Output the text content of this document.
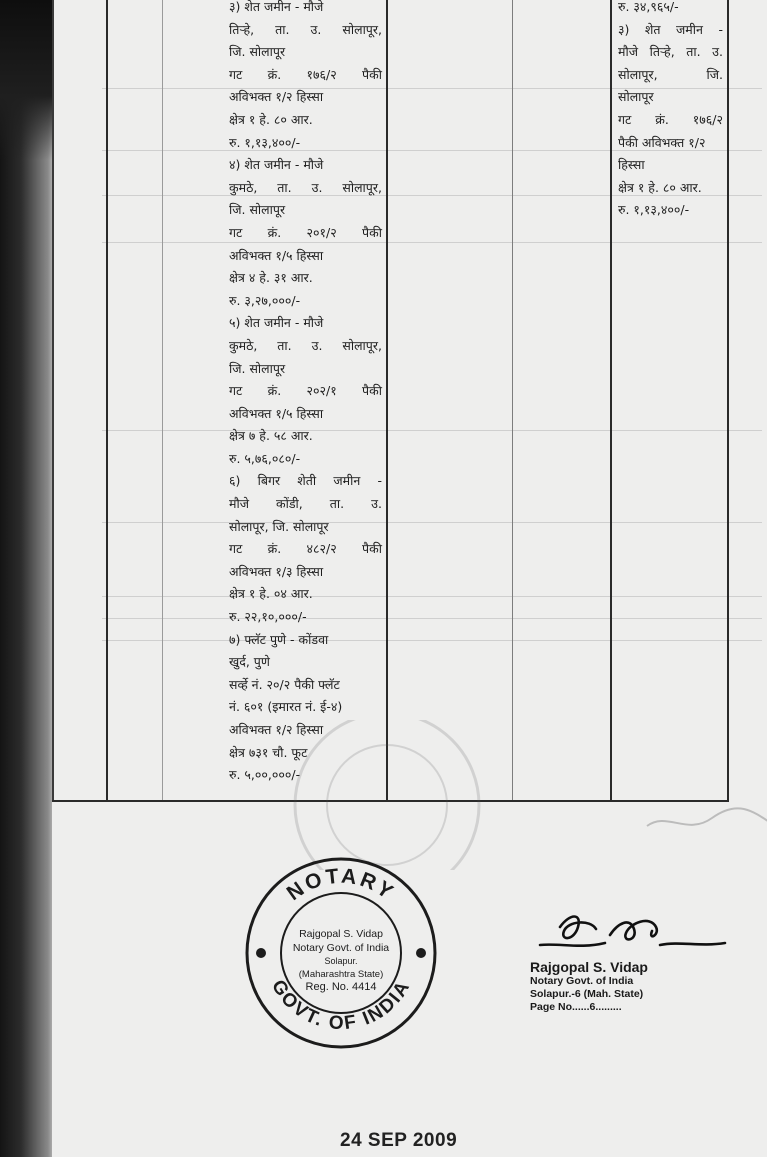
३) शेत जमीन - मौजे
तिऱ्हे, ता. उ. सोलापूर,
जि. सोलापूर
गट क्रं. १७६/२ पैकी
अविभक्त १/२ हिस्सा
क्षेत्र १ हे. ८० आर.
रु. १,१३,४००/-
४) शेत जमीन - मौजे
कुमठे, ता. उ. सोलापूर,
जि. सोलापूर
गट क्रं. २०१/२ पैकी
अविभक्त १/५ हिस्सा
क्षेत्र ४ हे. ३१ आर.
रु. ३,२७,०००/-
५) शेत जमीन - मौजे
कुमठे, ता. उ. सोलापूर,
जि. सोलापूर
गट क्रं. २०२/१ पैकी
अविभक्त १/५ हिस्सा
क्षेत्र ७ हे. ५८ आर.
रु. ५,७६,०८०/-
६) बिगर शेती जमीन -
मौजे कोंडी, ता. उ.
सोलापूर, जि. सोलापूर
गट क्रं. ४८२/२ पैकी
अविभक्त १/३ हिस्सा
क्षेत्र १ हे. ०४ आर.
रु. २२,१०,०००/-
७) फ्लॅट पुणे - कोंडवा
खुर्द, पुणे
सर्व्हे नं. २०/२ पैकी फ्लॅट
नं. ६०१ (इमारत नं. ई-४)
अविभक्त १/२ हिस्सा
क्षेत्र ७३१ चौ. फूट
रु. ५,००,०००/-
रु. ३४,९६५/-
३) शेत जमीन -
मौजे तिऱ्हे, ता. उ.
सोलापूर,	जि.
सोलापूर
गट क्रं. १७६/२
पैकी अविभक्त १/२
हिस्सा
क्षेत्र १ हे. ८० आर.
रु. १,१३,४००/-
NOTARY
GOVT. OF INDIA
Rajgopal S. Vidap
Notary Govt. of India
Solapur.
(Maharashtra State)
Reg. No. 4414
Rajgopal S. Vidap
Notary Govt. of India
Solapur.-6 (Mah. State)
Page No......6.........
24 SEP 2009
